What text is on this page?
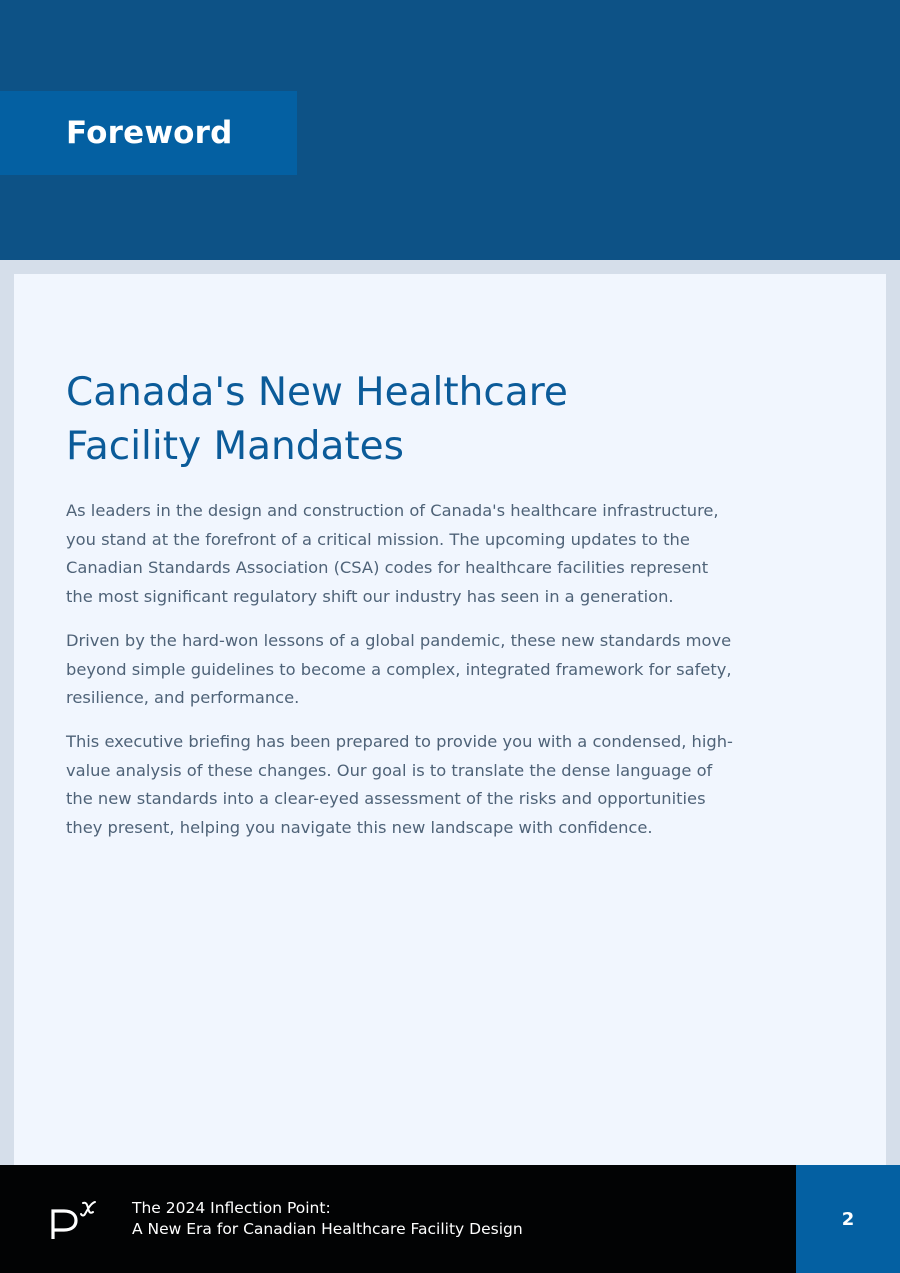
Foreword
Canada's New Healthcare
Facility Mandates

As leaders in the design and construction of Canada's healthcare infrastructure,
you stand at the forefront of a critical mission. The upcoming updates to the
Canadian Standards Association (CSA) codes for healthcare facilities represent
the most significant regulatory shift our industry has seen in a generation.

Driven by the hard-won lessons of a global pandemic, these new standards move
beyond simple guidelines to become a complex, integrated framework for safety,
resilience, and performance.

This executive briefing has been prepared to provide you with a condensed, high-
value analysis of these changes. Our goal is to translate the dense language of
the new standards into a clear-eyed assessment of the risks and opportunities
they present, helping you navigate this new landscape with confidence.

The 2024 Inflection Point:
A New Era for Canadian Healthcare Facility Design	2
